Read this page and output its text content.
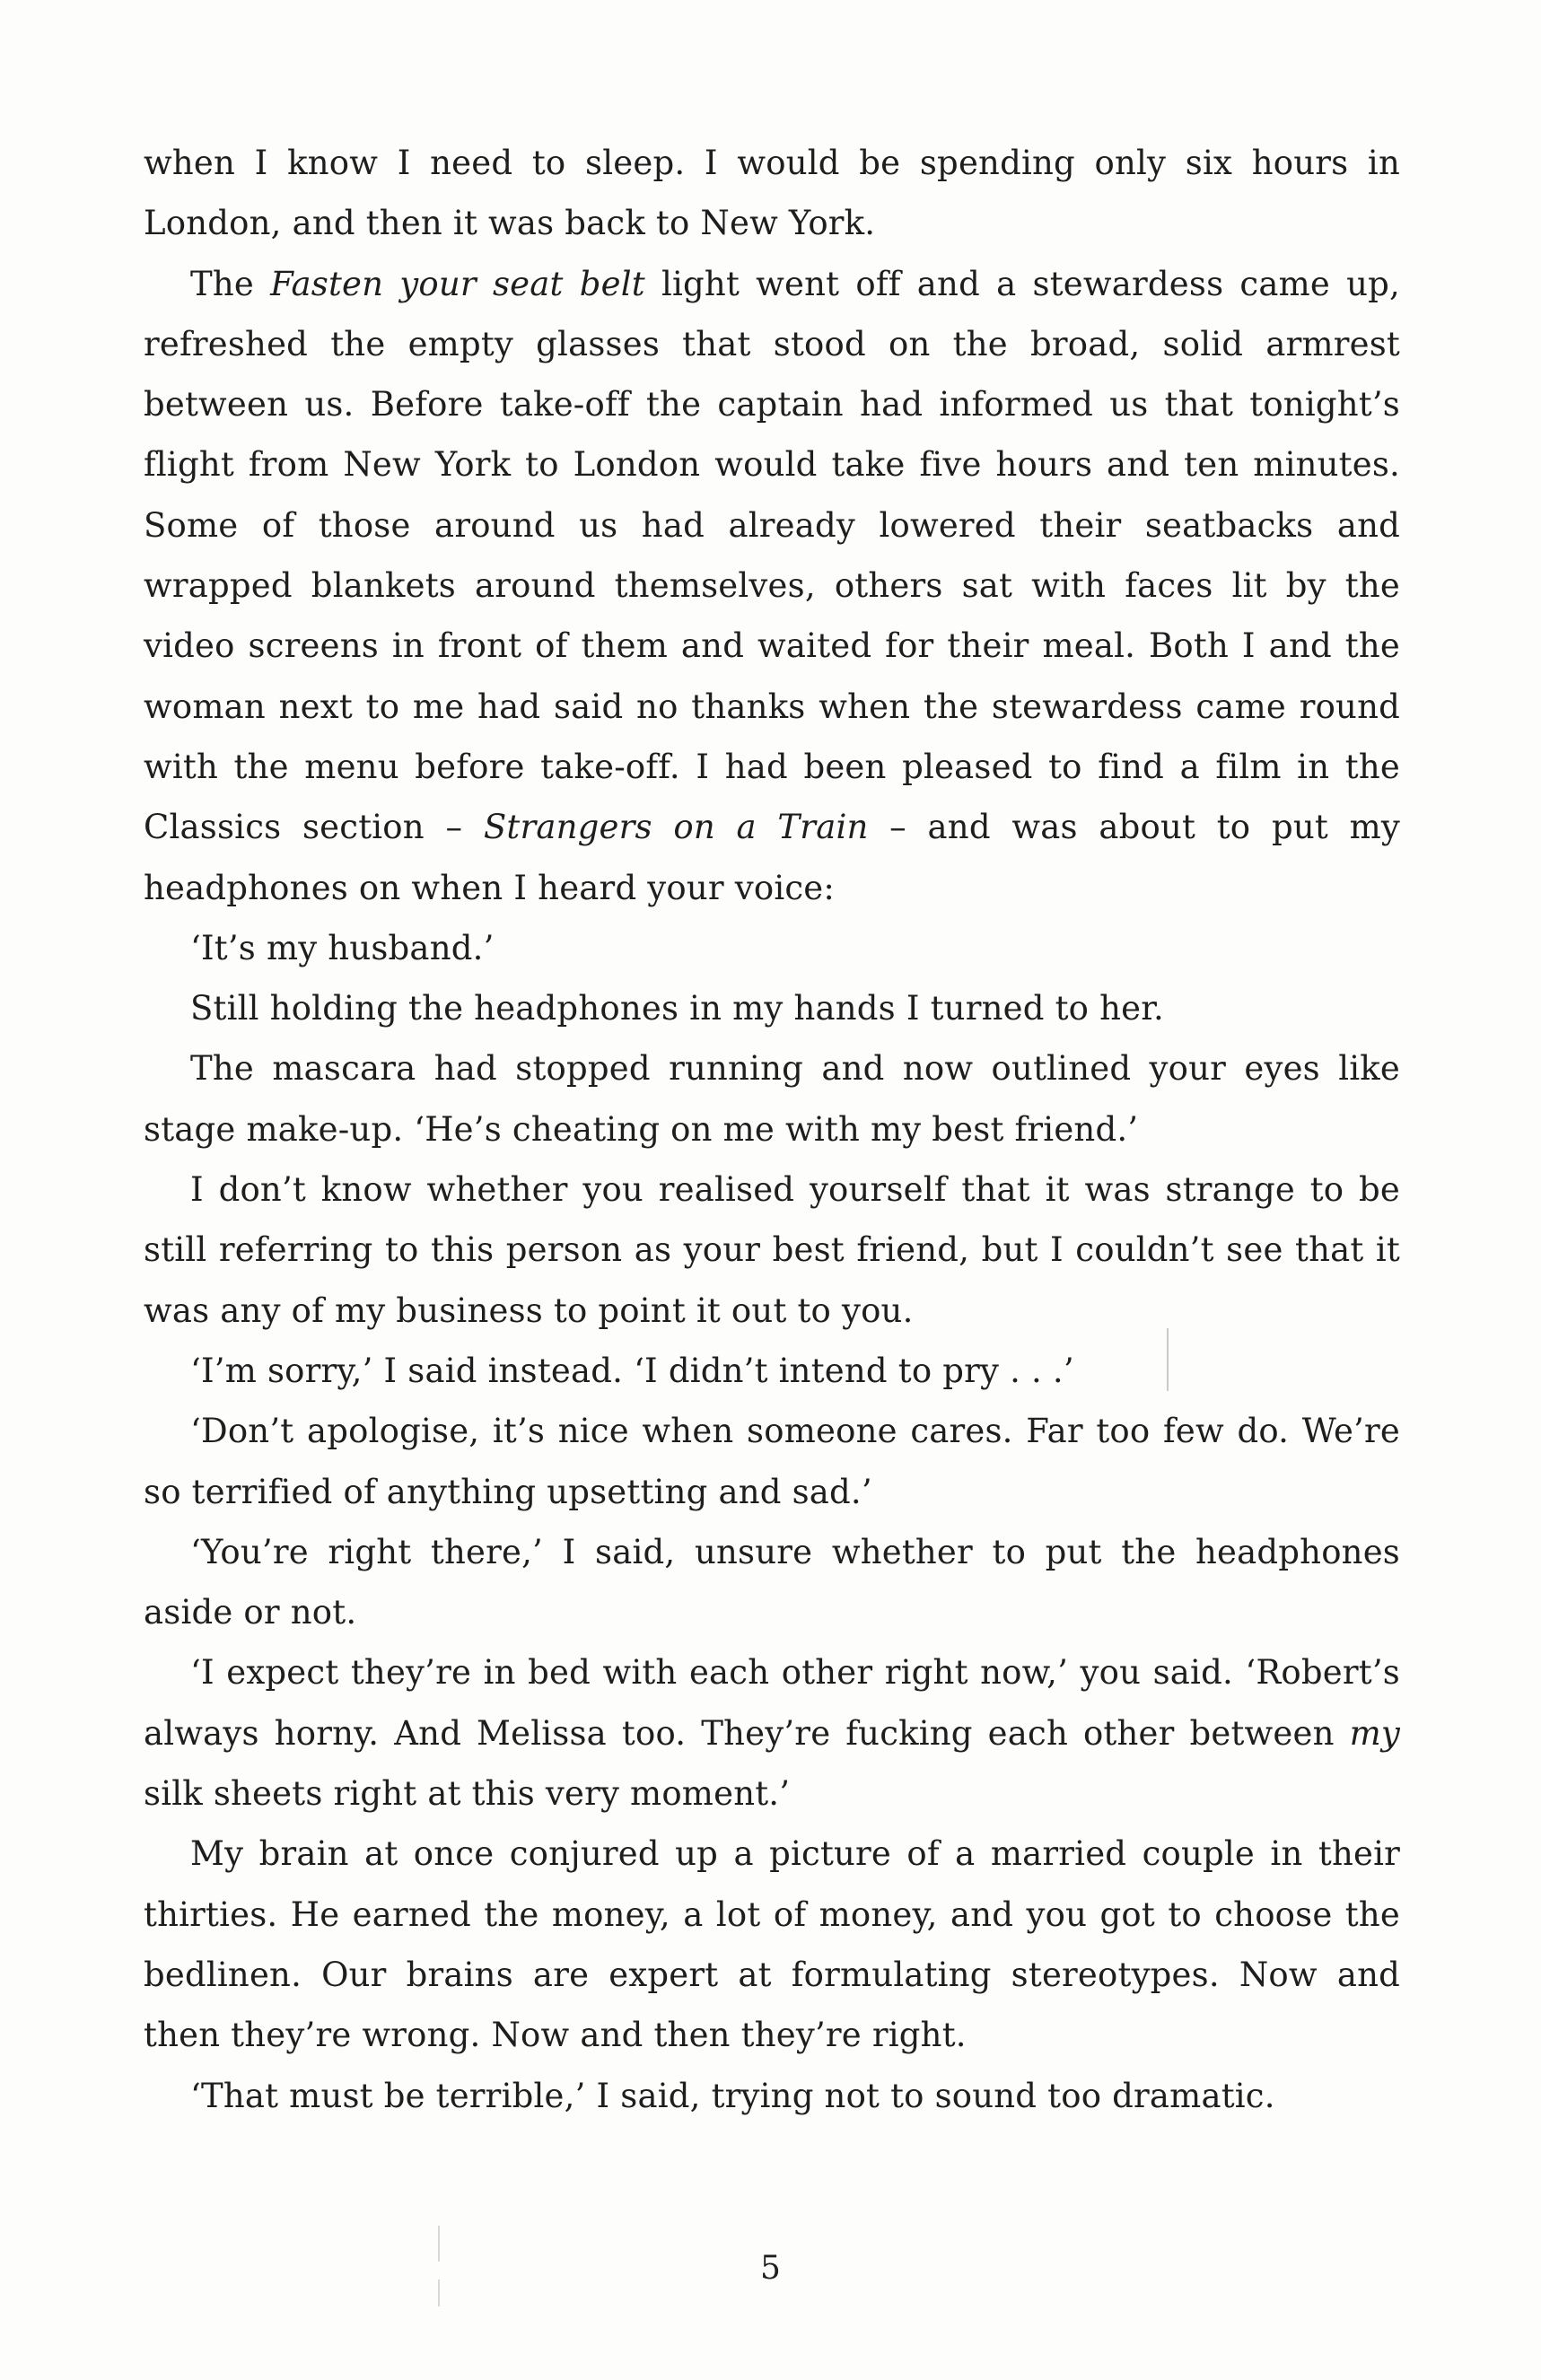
when I know I need to sleep. I would be spending only six hours in London, and then it was back to New York.

The Fasten your seat belt light went off and a stewardess came up, refreshed the empty glasses that stood on the broad, solid armrest between us. Before take-off the captain had informed us that tonight’s flight from New York to London would take five hours and ten minutes. Some of those around us had already lowered their seatbacks and wrapped blankets around themselves, others sat with faces lit by the video screens in front of them and waited for their meal. Both I and the woman next to me had said no thanks when the stewardess came round with the menu before take-off. I had been pleased to find a film in the Classics section – Strangers on a Train – and was about to put my headphones on when I heard your voice:

‘It’s my husband.’

Still holding the headphones in my hands I turned to her.

The mascara had stopped running and now outlined your eyes like stage make-up. ‘He’s cheating on me with my best friend.’

I don’t know whether you realised yourself that it was strange to be still referring to this person as your best friend, but I couldn’t see that it was any of my business to point it out to you.

‘I’m sorry,’ I said instead. ‘I didn’t intend to pry . . .’

‘Don’t apologise, it’s nice when someone cares. Far too few do. We’re so terrified of anything upsetting and sad.’

‘You’re right there,’ I said, unsure whether to put the headphones aside or not.

‘I expect they’re in bed with each other right now,’ you said. ‘Robert’s always horny. And Melissa too. They’re fucking each other between my silk sheets right at this very moment.’

My brain at once conjured up a picture of a married couple in their thirties. He earned the money, a lot of money, and you got to choose the bedlinen. Our brains are expert at formulating stereotypes. Now and then they’re wrong. Now and then they’re right.

‘That must be terrible,’ I said, trying not to sound too dramatic.

5
